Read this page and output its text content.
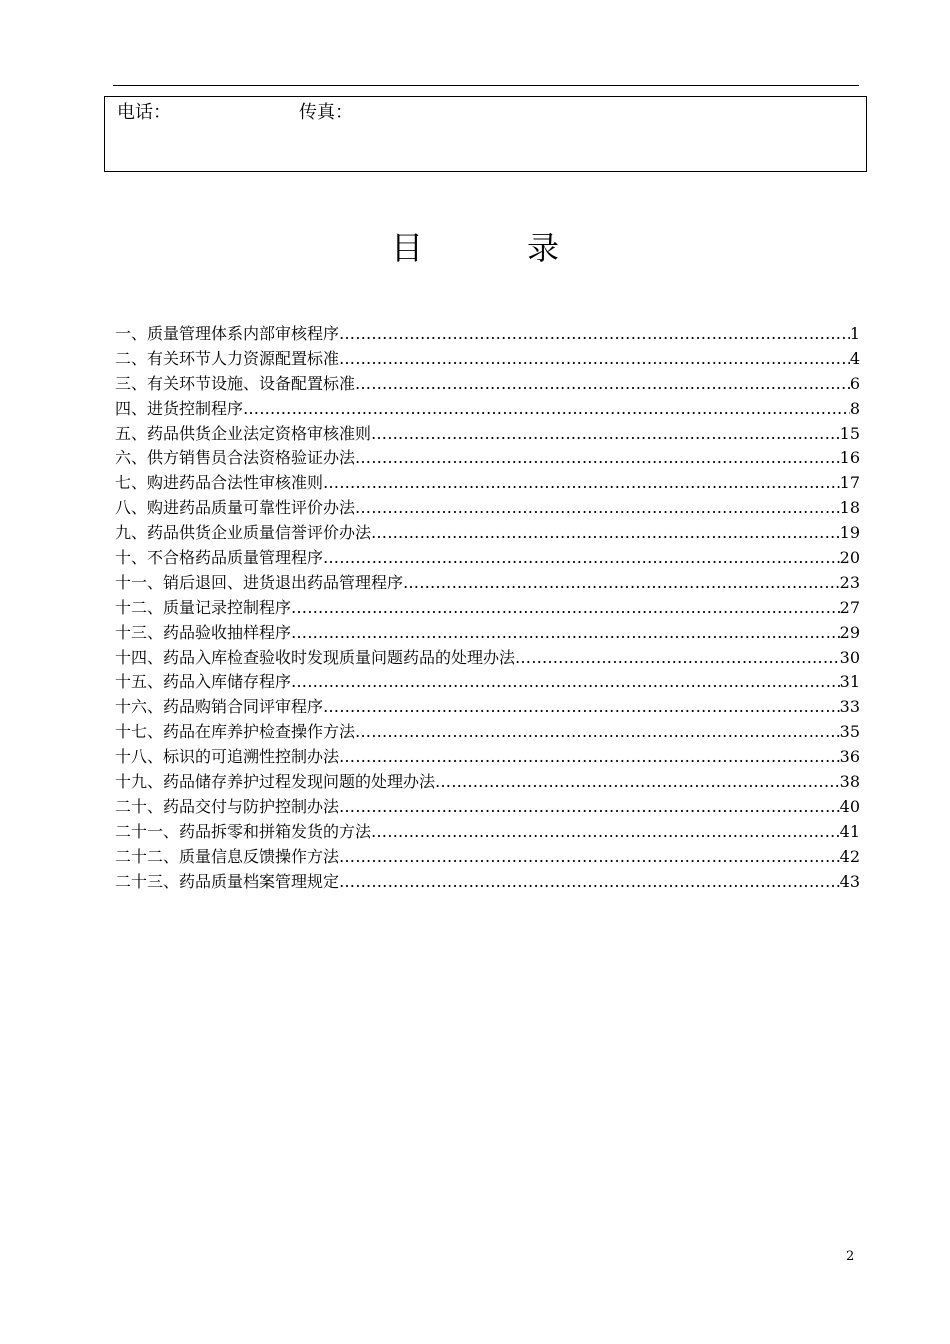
电话：	传真：
目	录
一、质量管理体系内部审核程序 ……………………………………………………………………………………………………………………………………………………………………………	1
二、有关环节人力资源配置标准 ……………………………………………………………………………………………………………………………………………………………………………	4
三、有关环节设施、设备配置标准 ……………………………………………………………………………………………………………………………………………………………………………	6
四、进货控制程序 ……………………………………………………………………………………………………………………………………………………………………………	8
五、药品供货企业法定资格审核准则 ……………………………………………………………………………………………………………………………………………………………………………	15
六、供方销售员合法资格验证办法 ……………………………………………………………………………………………………………………………………………………………………………	16
七、购进药品合法性审核准则 ……………………………………………………………………………………………………………………………………………………………………………	17
八、购进药品质量可靠性评价办法 ……………………………………………………………………………………………………………………………………………………………………………	18
九、药品供货企业质量信誉评价办法 ……………………………………………………………………………………………………………………………………………………………………………	19
十、不合格药品质量管理程序 ……………………………………………………………………………………………………………………………………………………………………………	20
十一、销后退回、进货退出药品管理程序 ……………………………………………………………………………………………………………………………………………………………………………	23
十二、质量记录控制程序 ……………………………………………………………………………………………………………………………………………………………………………	27
十三、药品验收抽样程序 ……………………………………………………………………………………………………………………………………………………………………………	29
十四、药品入库检查验收时发现质量问题药品的处理办法 ……………………………………………………………………………………………………………………………………………………………………………	30
十五、药品入库储存程序 ……………………………………………………………………………………………………………………………………………………………………………	31
十六、药品购销合同评审程序 ……………………………………………………………………………………………………………………………………………………………………………	33
十七、药品在库养护检查操作方法 ……………………………………………………………………………………………………………………………………………………………………………	35
十八、标识的可追溯性控制办法 ……………………………………………………………………………………………………………………………………………………………………………	36
十九、药品储存养护过程发现问题的处理办法 ……………………………………………………………………………………………………………………………………………………………………………	38
二十、药品交付与防护控制办法 ……………………………………………………………………………………………………………………………………………………………………………	40
二十一、药品拆零和拼箱发货的方法 ……………………………………………………………………………………………………………………………………………………………………………	41
二十二、质量信息反馈操作方法 ……………………………………………………………………………………………………………………………………………………………………………	42
二十三、药品质量档案管理规定 ……………………………………………………………………………………………………………………………………………………………………………	43
2
